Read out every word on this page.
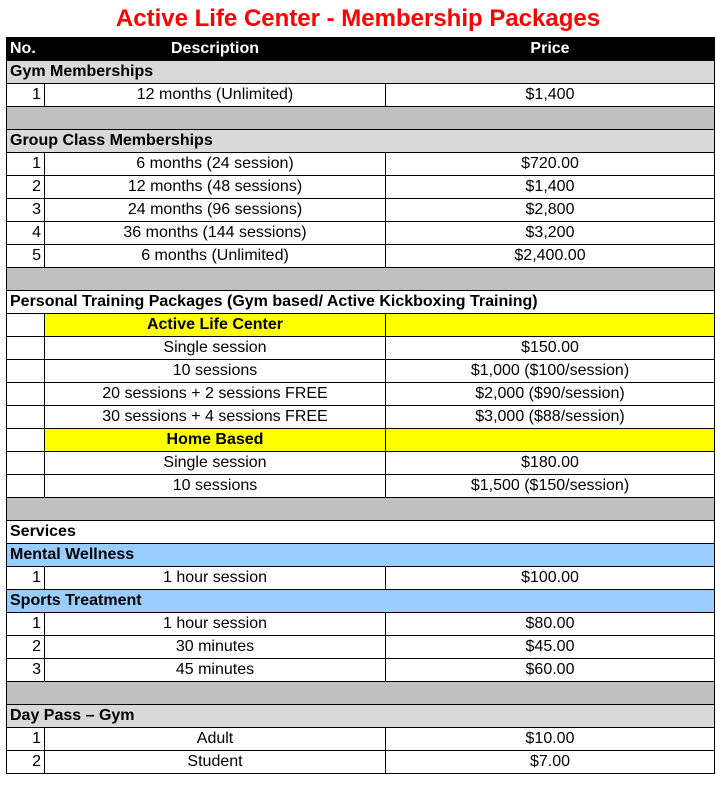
Active Life Center - Membership Packages
No.	Description	Price
Gym Memberships		
1	12 months (Unlimited)	$1,400

Group Class Memberships		
1	6 months (24 session)	$720.00
2	12 months (48 sessions)	$1,400
3	24 months (96 sessions)	$2,800
4	36 months (144 sessions)	$3,200
5	6 months (Unlimited)	$2,400.00

Personal Training Packages (Gym based/ Active Kickboxing Training)		
	Active Life Center	
	Single session	$150.00
	10 sessions	$1,000 ($100/session)
	20 sessions + 2 sessions FREE	$2,000 ($90/session)
	30 sessions + 4 sessions FREE	$3,000 ($88/session)
	Home Based	
	Single session	$180.00
	10 sessions	$1,500 ($150/session)

Services		
Mental Wellness		
1	1 hour session	$100.00
Sports Treatment		
1	1 hour session	$80.00
2	30 minutes	$45.00
3	45 minutes	$60.00

Day Pass – Gym		
1	Adult	$10.00
2	Student	$7.00
